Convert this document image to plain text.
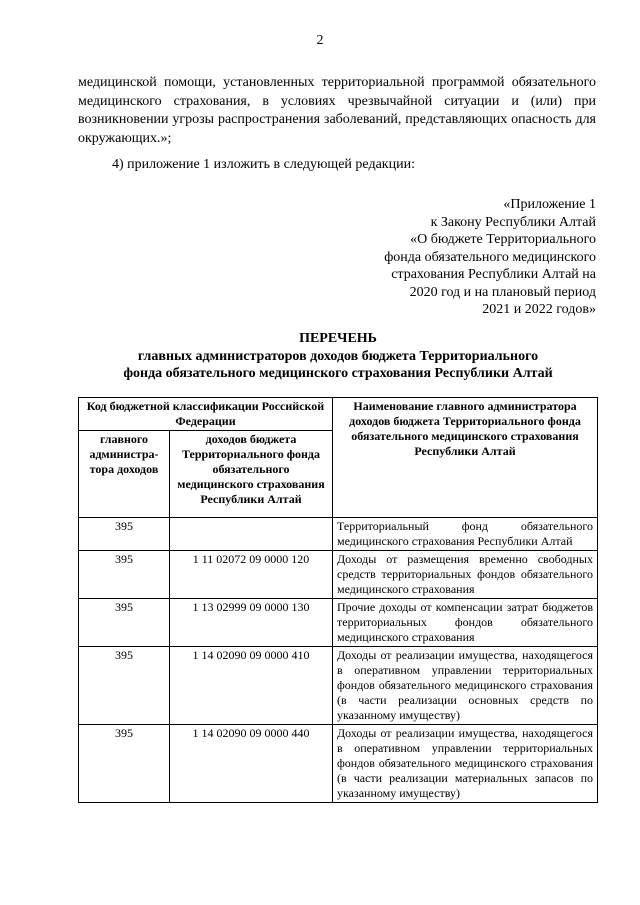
2

медицинской помощи, установленных территориальной программой обязательного медицинского страхования, в условиях чрезвычайной ситуации и (или) при возникновении угрозы распространения заболеваний, представляющих опасность для окружающих.»;

4) приложение 1 изложить в следующей редакции:

«Приложение 1
к Закону Республики Алтай
«О бюджете Территориального
фонда обязательного медицинского
страхования Республики Алтай на
2020 год и на плановый период
2021 и 2022 годов»
ПЕРЕЧЕНЬ
главных администраторов доходов бюджета Территориального
фонда обязательного медицинского страхования Республики Алтай
Код бюджетной классификации Российской Федерации		Наименование главного администратора доходов бюджета Территориального фонда обязательного медицинского страхования Республики Алтай
главного администра-тора доходов	доходов бюджета Территориального фонда обязательного медицинского страхования Республики Алтай	
395		Территориальный фонд обязательного медицинского страхования Республики Алтай
395	1 11 02072 09 0000 120	Доходы от размещения временно свободных средств территориальных фондов обязательного медицинского страхования
395	1 13 02999 09 0000 130	Прочие доходы от компенсации затрат бюджетов территориальных фондов обязательного медицинского страхования
395	1 14 02090 09 0000 410	Доходы от реализации имущества, находящегося в оперативном управлении территориальных фондов обязательного медицинского страхования (в части реализации основных средств по указанному имуществу)
395	1 14 02090 09 0000 440	Доходы от реализации имущества, находящегося в оперативном управлении территориальных фондов обязательного медицинского страхования (в части реализации материальных запасов по указанному имуществу)
